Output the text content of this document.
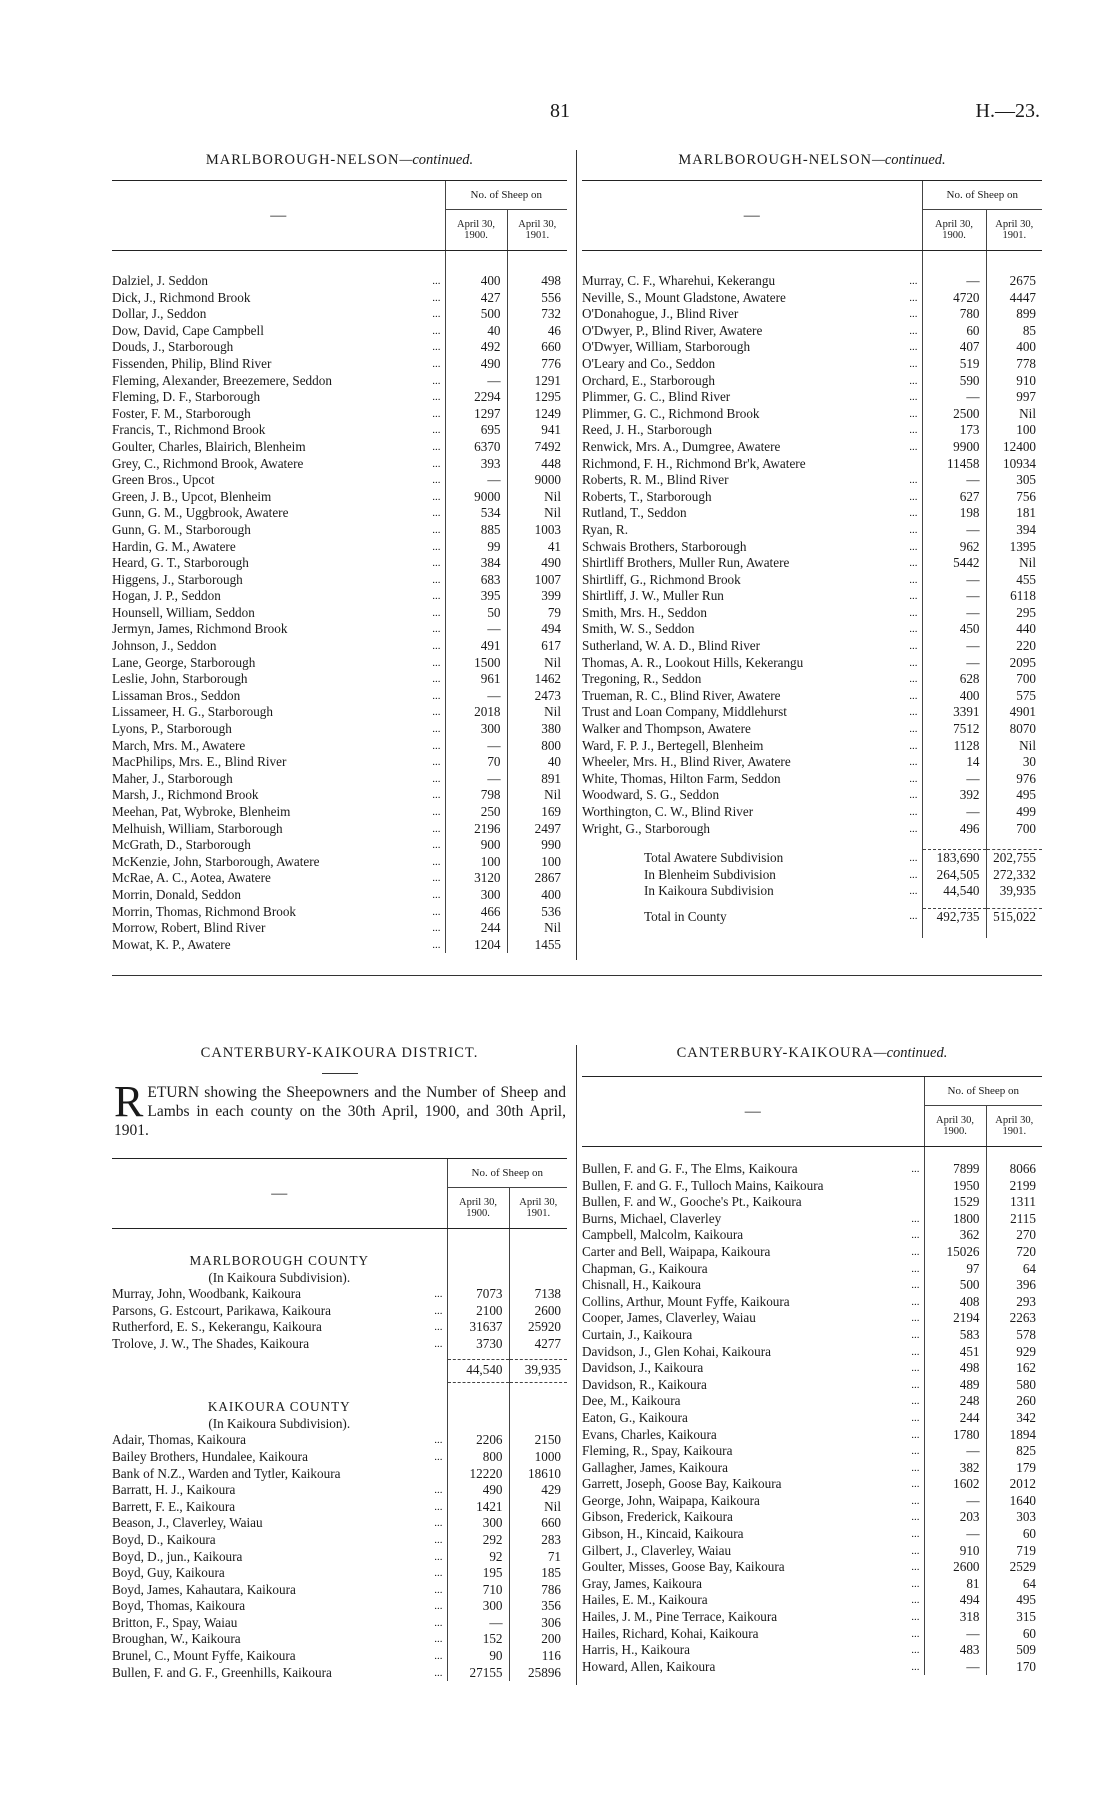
81	H.—23.
MARLBOROUGH-NELSON—continued.
—	No. of Sheep on	
	April 30, 1900.	April 30, 1901.

Dalziel, J. Seddon ...	400	498
Dick, J., Richmond Brook ...	427	556
Dollar, J., Seddon ...	500	732
Dow, David, Cape Campbell ...	40	46
Douds, J., Starborough ...	492	660
Fissenden, Philip, Blind River ...	490	776
Fleming, Alexander, Breezemere, Seddon ...	—	1291
Fleming, D. F., Starborough ...	2294	1295
Foster, F. M., Starborough ...	1297	1249
Francis, T., Richmond Brook ...	695	941
Goulter, Charles, Blairich, Blenheim ...	6370	7492
Grey, C., Richmond Brook, Awatere ...	393	448
Green Bros., Upcot ...	—	9000
Green, J. B., Upcot, Blenheim ...	9000	Nil
Gunn, G. M., Uggbrook, Awatere ...	534	Nil
Gunn, G. M., Starborough ...	885	1003
Hardin, G. M., Awatere ...	99	41
Heard, G. T., Starborough ...	384	490
Higgens, J., Starborough ...	683	1007
Hogan, J. P., Seddon ...	395	399
Hounsell, William, Seddon ...	50	79
Jermyn, James, Richmond Brook ...	—	494
Johnson, J., Seddon ...	491	617
Lane, George, Starborough ...	1500	Nil
Leslie, John, Starborough ...	961	1462
Lissaman Bros., Seddon ...	—	2473
Lissameer, H. G., Starborough ...	2018	Nil
Lyons, P., Starborough ...	300	380
March, Mrs. M., Awatere ...	—	800
MacPhilips, Mrs. E., Blind River ...	70	40
Maher, J., Starborough ...	—	891
Marsh, J., Richmond Brook ...	798	Nil
Meehan, Pat, Wybroke, Blenheim ...	250	169
Melhuish, William, Starborough ...	2196	2497
McGrath, D., Starborough ...	900	990
McKenzie, John, Starborough, Awatere ...	100	100
McRae, A. C., Aotea, Awatere ...	3120	2867
Morrin, Donald, Seddon ...	300	400
Morrin, Thomas, Richmond Brook ...	466	536
Morrow, Robert, Blind River ...	244	Nil
Mowat, K. P., Awatere ...	1204	1455
MARLBOROUGH-NELSON—continued.
—	No. of Sheep on	
	April 30, 1900.	April 30, 1901.

Murray, C. F., Wharehui, Kekerangu ...	—	2675
Neville, S., Mount Gladstone, Awatere ...	4720	4447
O'Donahogue, J., Blind River ...	780	899
O'Dwyer, P., Blind River, Awatere ...	60	85
O'Dwyer, William, Starborough ...	407	400
O'Leary and Co., Seddon ...	519	778
Orchard, E., Starborough ...	590	910
Plimmer, G. C., Blind River ...	—	997
Plimmer, G. C., Richmond Brook ...	2500	Nil
Reed, J. H., Starborough ...	173	100
Renwick, Mrs. A., Dumgree, Awatere ...	9900	12400
Richmond, F. H., Richmond Br'k, Awatere	11458	10934
Roberts, R. M., Blind River ...	—	305
Roberts, T., Starborough ...	627	756
Rutland, T., Seddon ...	198	181
Ryan, R. ...	—	394
Schwais Brothers, Starborough ...	962	1395
Shirtliff Brothers, Muller Run, Awatere ...	5442	Nil
Shirtliff, G., Richmond Brook ...	—	455
Shirtliff, J. W., Muller Run ...	—	6118
Smith, Mrs. H., Seddon ...	—	295
Smith, W. S., Seddon ...	450	440
Sutherland, W. A. D., Blind River ...	—	220
Thomas, A. R., Lookout Hills, Kekerangu ...	—	2095
Tregoning, R., Seddon ...	628	700
Trueman, R. C., Blind River, Awatere ...	400	575
Trust and Loan Company, Middlehurst ...	3391	4901
Walker and Thompson, Awatere ...	7512	8070
Ward, F. P. J., Bertegell, Blenheim ...	1128	Nil
Wheeler, Mrs. H., Blind River, Awatere ...	14	30
White, Thomas, Hilton Farm, Seddon ...	—	976
Woodward, S. G., Seddon ...	392	495
Worthington, C. W., Blind River ...	—	499
Wright, G., Starborough ...	496	700

Total Awatere Subdivision ...	183,690	202,755
In Blenheim Subdivision ...	264,505	272,332
In Kaikoura Subdivision ...	44,540	39,935

Total in County ...	492,735	515,022

CANTERBURY-KAIKOURA DISTRICT.
RETURN showing the Sheepowners and the Number of Sheep and Lambs in each county on the 30th April, 1900, and 30th April, 1901.
—	No. of Sheep on	
	April 30, 1900.	April 30, 1901.

MARLBOROUGH COUNTY		
(In Kaikoura Subdivision).		
Murray, John, Woodbank, Kaikoura ...	7073	7138
Parsons, G. Estcourt, Parikawa, Kaikoura ...	2100	2600
Rutherford, E. S., Kekerangu, Kaikoura ...	31637	25920
Trolove, J. W., The Shades, Kaikoura ...	3730	4277

	44,540	39,935

KAIKOURA COUNTY		
(In Kaikoura Subdivision).		
Adair, Thomas, Kaikoura ...	2206	2150
Bailey Brothers, Hundalee, Kaikoura ...	800	1000
Bank of N.Z., Warden and Tytler, Kaikoura	12220	18610
Barratt, H. J., Kaikoura ...	490	429
Barrett, F. E., Kaikoura ...	1421	Nil
Beason, J., Claverley, Waiau ...	300	660
Boyd, D., Kaikoura ...	292	283
Boyd, D., jun., Kaikoura ...	92	71
Boyd, Guy, Kaikoura ...	195	185
Boyd, James, Kahautara, Kaikoura ...	710	786
Boyd, Thomas, Kaikoura ...	300	356
Britton, F., Spay, Waiau ...	—	306
Broughan, W., Kaikoura ...	152	200
Brunel, C., Mount Fyffe, Kaikoura ...	90	116
Bullen, F. and G. F., Greenhills, Kaikoura ...	27155	25896
CANTERBURY-KAIKOURA—continued.
—	No. of Sheep on	
	April 30, 1900.	April 30, 1901.

Bullen, F. and G. F., The Elms, Kaikoura ...	7899	8066
Bullen, F. and G. F., Tulloch Mains, Kaikoura	1950	2199
Bullen, F. and W., Gooche's Pt., Kaikoura	1529	1311
Burns, Michael, Claverley ...	1800	2115
Campbell, Malcolm, Kaikoura ...	362	270
Carter and Bell, Waipapa, Kaikoura ...	15026	720
Chapman, G., Kaikoura ...	97	64
Chisnall, H., Kaikoura ...	500	396
Collins, Arthur, Mount Fyffe, Kaikoura ...	408	293
Cooper, James, Claverley, Waiau ...	2194	2263
Curtain, J., Kaikoura ...	583	578
Davidson, J., Glen Kohai, Kaikoura ...	451	929
Davidson, J., Kaikoura ...	498	162
Davidson, R., Kaikoura ...	489	580
Dee, M., Kaikoura ...	248	260
Eaton, G., Kaikoura ...	244	342
Evans, Charles, Kaikoura ...	1780	1894
Fleming, R., Spay, Kaikoura ...	—	825
Gallagher, James, Kaikoura ...	382	179
Garrett, Joseph, Goose Bay, Kaikoura ...	1602	2012
George, John, Waipapa, Kaikoura ...	—	1640
Gibson, Frederick, Kaikoura ...	203	303
Gibson, H., Kincaid, Kaikoura ...	—	60
Gilbert, J., Claverley, Waiau ...	910	719
Goulter, Misses, Goose Bay, Kaikoura ...	2600	2529
Gray, James, Kaikoura ...	81	64
Hailes, E. M., Kaikoura ...	494	495
Hailes, J. M., Pine Terrace, Kaikoura ...	318	315
Hailes, Richard, Kohai, Kaikoura ...	—	60
Harris, H., Kaikoura ...	483	509
Howard, Allen, Kaikoura ...	—	170
